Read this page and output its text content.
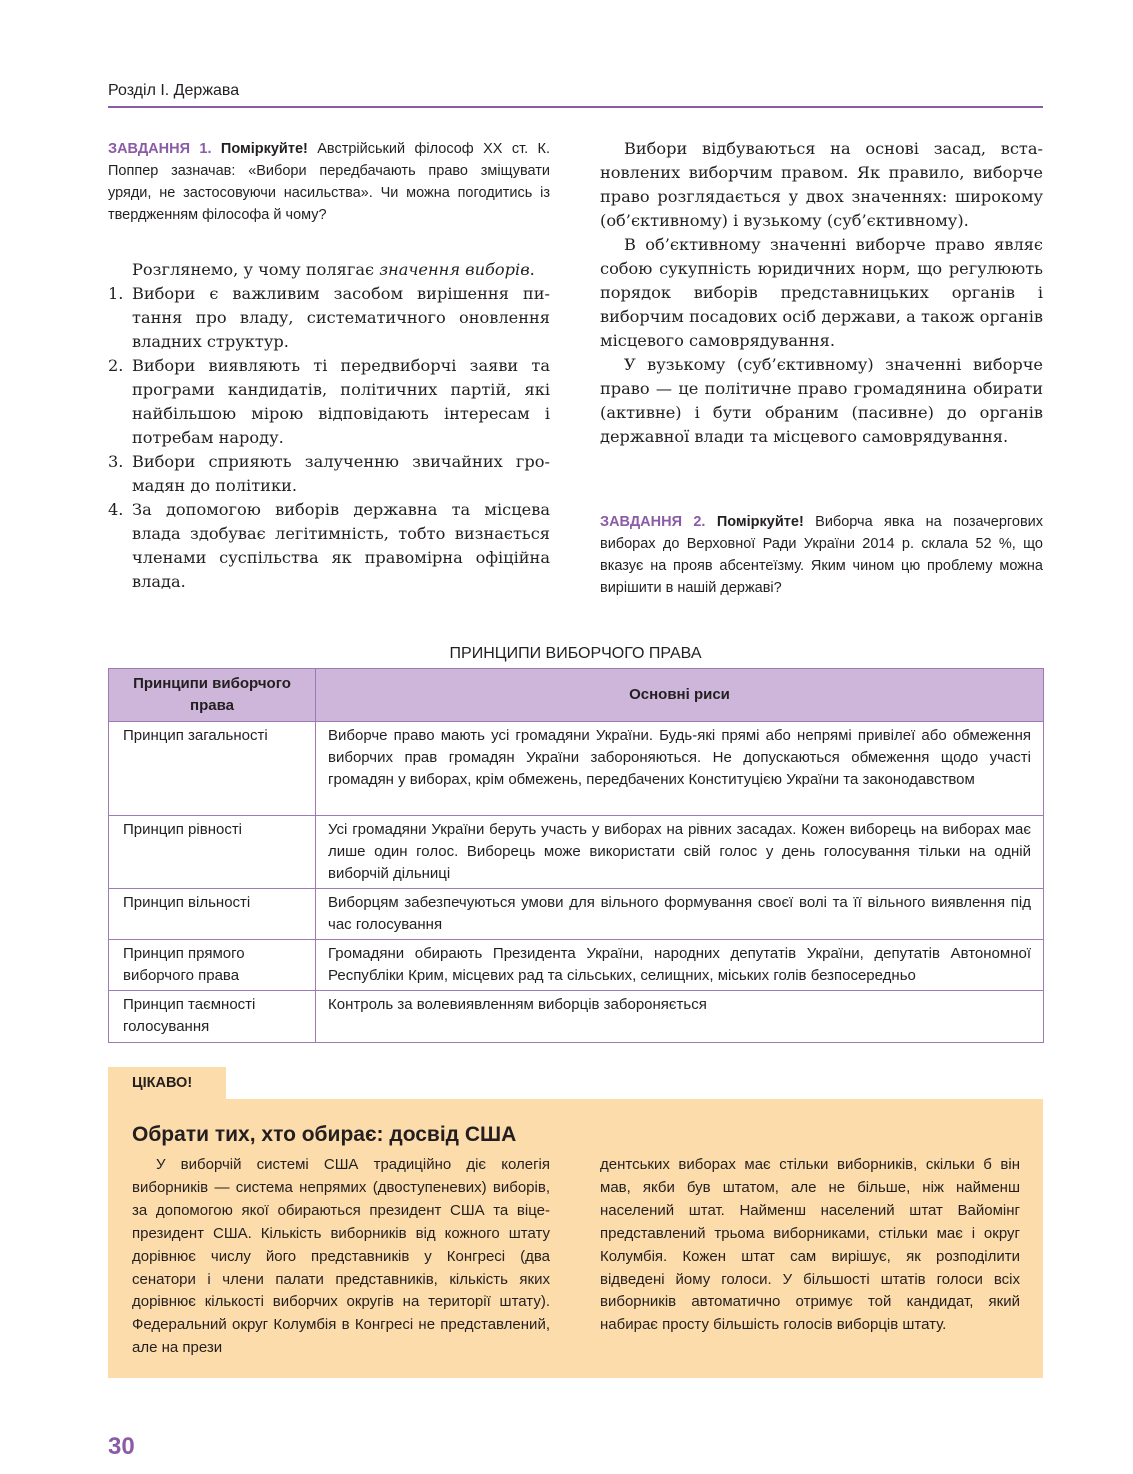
Розділ І. Держава
ЗАВДАННЯ 1. Поміркуйте! Австрійський філософ XX ст. К. Поппер зазначав: «Вибори передбачають право зміщувати уряди, не застосовуючи насильства». Чи можна погодитись із твердженням філософа й чому?

Розглянемо, у чому полягає значення виборів.

1. Вибори є важливим засобом вирішення питання про владу, систематичного оновлення владних структур.
2. Вибори виявляють ті передвиборчі заяви та програми кандидатів, політичних партій, які найбільшою мірою відповідають інтересам і потребам народу.
3. Вибори сприяють залученню звичайних громадян до політики.
4. За допомогою виборів державна та місцева влада здобуває легітимність, тобто визнається членами суспільства як правомірна офіційна влада.

Вибори відбуваються на основі засад, встановлених виборчим правом. Як правило, виборче право розглядається у двох значеннях: широкому (об’єктивному) і вузькому (суб’єктивному).

В об’єктивному значенні виборче право являє собою сукупність юридичних норм, що регулюють порядок виборів представницьких органів і виборчим посадових осіб держави, а також органів місцевого самоврядування.

У вузькому (суб’єктивному) значенні виборче право — це політичне право громадянина обирати (активне) і бути обраним (пасивне) до органів державної влади та місцевого самоврядування.

ЗАВДАННЯ 2. Поміркуйте! Виборча явка на позачергових виборах до Верховної Ради України 2014 р. склала 52 %, що вказує на прояв абсентеїзму. Яким чином цю проблему можна вирішити в нашій державі?
ПРИНЦИПИ ВИБОРЧОГО ПРАВА
Принципи виборчого права	Основні риси
Принцип загальності	Виборче право мають усі громадяни України. Будь-які прямі або непрямі привілеї або обмеження виборчих прав громадян України забороняються. Не допускаються обмеження щодо участі громадян у виборах, крім обмежень, передбачених Конституцією України та законодавством
Принцип рівності	Усі громадяни України беруть участь у виборах на рівних засадах. Кожен виборець на виборах має лише один голос. Виборець може використати свій голос у день голосування тільки на одній виборчій дільниці
Принцип вільності	Виборцям забезпечуються умови для вільного формування своєї волі та її вільного виявлення під час голосування
Принцип прямого виборчого права	Громадяни обирають Президента України, народних депутатів України, депутатів Автономної Республіки Крим, місцевих рад та сільських, селищних, міських голів безпосередньо
Принцип таємності голосування	Контроль за волевиявленням виборців забороняється
ЦІКАВО!
Обрати тих, хто обирає: досвід США
У виборчій системі США традиційно діє колегія виборників — система непрямих (двоступеневих) виборів, за допомогою якої обираються президент США та віце-президент США. Кількість виборників від кожного штату дорівнює числу його представників у Конгресі (два сенатори і члени палати представників, кількість яких дорівнює кількості виборчих округів на території штату). Федеральний округ Колумбія в Конгресі не представлений, але на прези
дентських виборах має стільки виборників, скільки б він мав, якби був штатом, але не більше, ніж найменш населений штат. Найменш населений штат Вайомінг представлений трьома виборниками, стільки має і округ Колумбія. Кожен штат сам вирішує, як розподілити відведені йому голоси. У більшості штатів голоси всіх виборників автоматично отримує той кандидат, який набирає просту більшість голосів виборців штату.
30
